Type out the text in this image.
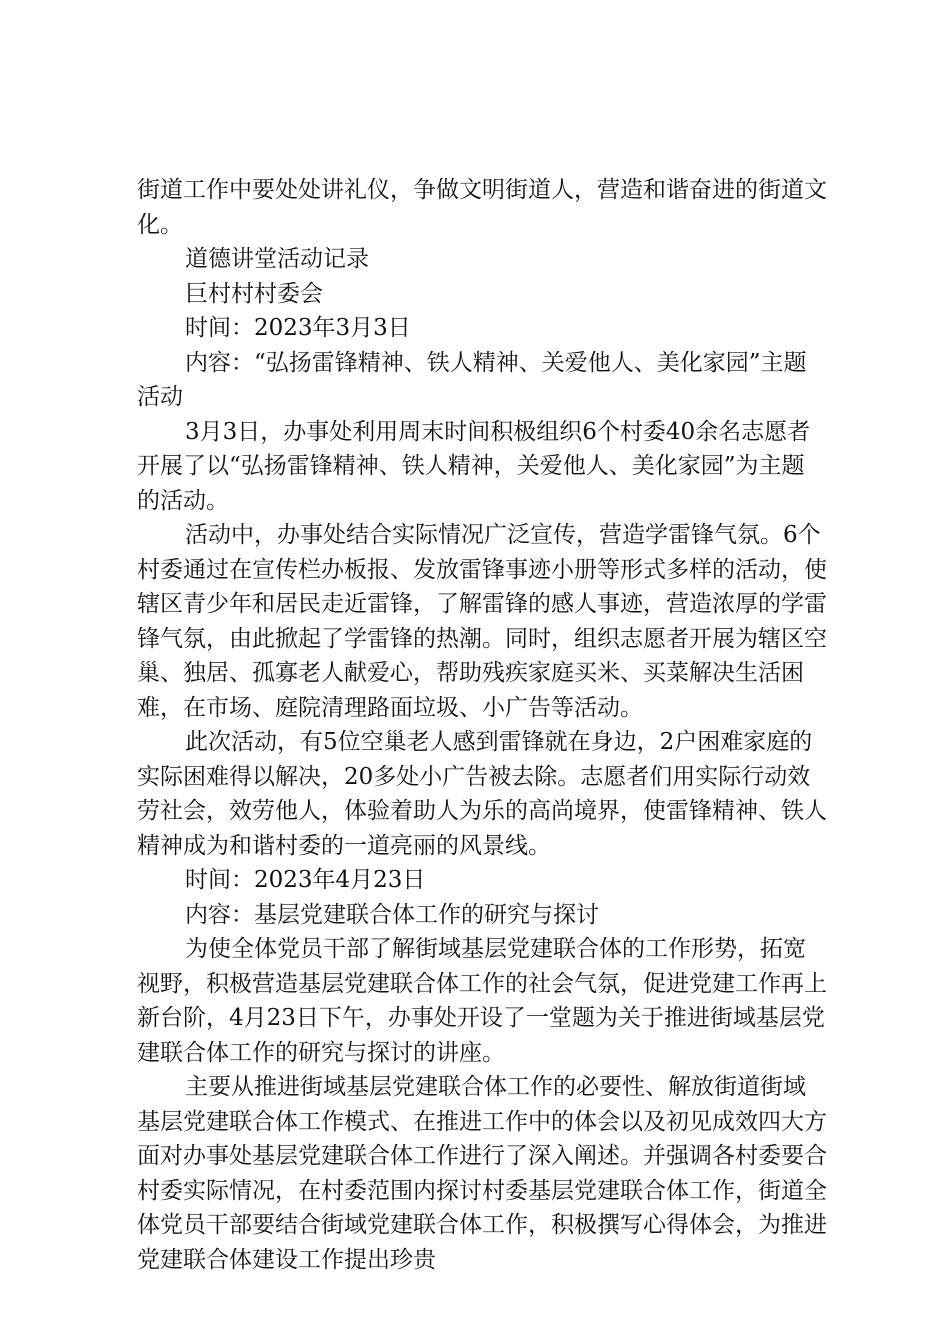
街道工作中要处处讲礼仪，争做文明街道人，营造和谐奋进的街道文化。

道德讲堂活动记录

巨村村村委会

时间：2023年3月3日

内容：“弘扬雷锋精神、铁人精神、关爱他人、美化家园”主题活动

3月3日，办事处利用周末时间积极组织6个村委40余名志愿者开展了以“弘扬雷锋精神、铁人精神，关爱他人、美化家园”为主题的活动。

活动中，办事处结合实际情况广泛宣传，营造学雷锋气氛。6个村委通过在宣传栏办板报、发放雷锋事迹小册等形式多样的活动，使辖区青少年和居民走近雷锋，了解雷锋的感人事迹，营造浓厚的学雷锋气氛，由此掀起了学雷锋的热潮。同时，组织志愿者开展为辖区空巢、独居、孤寡老人献爱心，帮助残疾家庭买米、买菜解决生活困难，在市场、庭院清理路面垃圾、小广告等活动。

此次活动，有5位空巢老人感到雷锋就在身边，2户困难家庭的实际困难得以解决，20多处小广告被去除。志愿者们用实际行动效劳社会，效劳他人，体验着助人为乐的高尚境界，使雷锋精神、铁人精神成为和谐村委的一道亮丽的风景线。

时间：2023年4月23日

内容：基层党建联合体工作的研究与探讨

为使全体党员干部了解街域基层党建联合体的工作形势，拓宽视野，积极营造基层党建联合体工作的社会气氛，促进党建工作再上新台阶，4月23日下午，办事处开设了一堂题为关于推进街域基层党建联合体工作的研究与探讨的讲座。

主要从推进街域基层党建联合体工作的必要性、解放街道街域基层党建联合体工作模式、在推进工作中的体会以及初见成效四大方面对办事处基层党建联合体工作进行了深入阐述。并强调各村委要合村委实际情况，在村委范围内探讨村委基层党建联合体工作，街道全体党员干部要结合街域党建联合体工作，积极撰写心得体会，为推进党建联合体建设工作提出珍贵
